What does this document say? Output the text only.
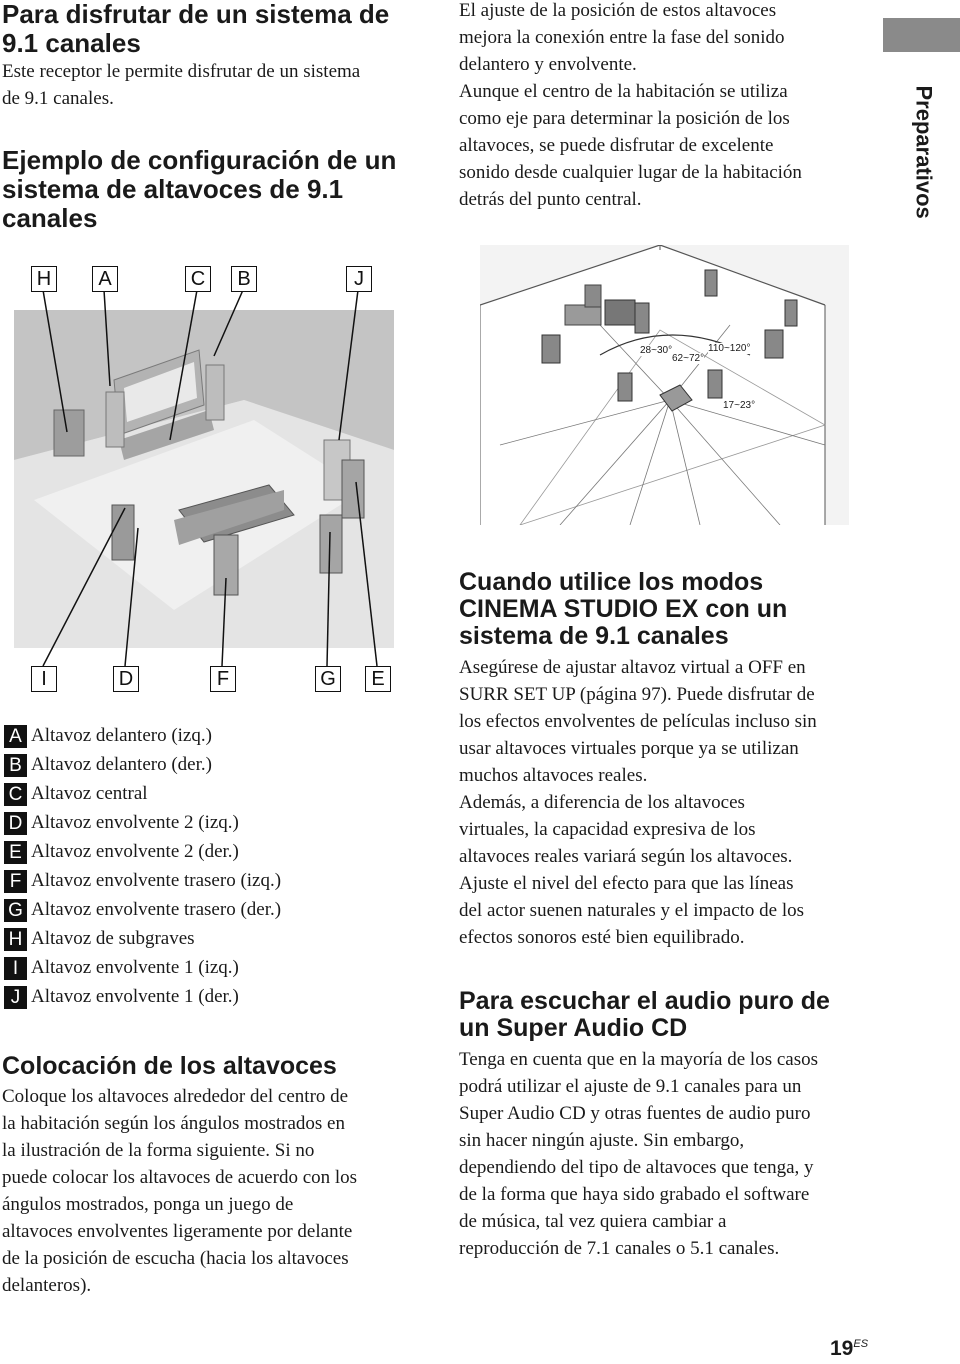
Para disfrutar de un sistema de
9.1 canales
Este receptor le permite disfrutar de un sistema
de 9.1 canales.
Ejemplo de configuración de un
sistema de altavoces de 9.1
canales
El ajuste de la posición de estos altavoces
mejora la conexión entre la fase del sonido
delantero y envolvente.
Aunque el centro de la habitación se utiliza
como eje para determinar la posición de los
altavoces, se puede disfrutar de excelente
sonido desde cualquier lugar de la habitación
detrás del punto central.	Preparativos
H	A	C	B	J
I	D	F	G	E
28~30°
62~72°
110~120°
17~23°
A Altavoz delantero (izq.)
B Altavoz delantero (der.)
C Altavoz central
D Altavoz envolvente 2 (izq.)
E Altavoz envolvente 2 (der.)
F Altavoz envolvente trasero (izq.)
G Altavoz envolvente trasero (der.)
H Altavoz de subgraves
I Altavoz envolvente 1 (izq.)
J Altavoz envolvente 1 (der.)
Colocación de los altavoces
Coloque los altavoces alrededor del centro de
la habitación según los ángulos mostrados en
la ilustración de la forma siguiente. Si no
puede colocar los altavoces de acuerdo con los
ángulos mostrados, ponga un juego de
altavoces envolventes ligeramente por delante
de la posición de escucha (hacia los altavoces
delanteros).
Cuando utilice los modos
CINEMA STUDIO EX con un
sistema de 9.1 canales
Asegúrese de ajustar altavoz virtual a OFF en
SURR SET UP (página 97). Puede disfrutar de
los efectos envolventes de películas incluso sin
usar altavoces virtuales porque ya se utilizan
muchos altavoces reales.
Además, a diferencia de los altavoces
virtuales, la capacidad expresiva de los
altavoces reales variará según los altavoces.
Ajuste el nivel del efecto para que las líneas
del actor suenen naturales y el impacto de los
efectos sonoros esté bien equilibrado.
Para escuchar el audio puro de
un Super Audio CD
Tenga en cuenta que en la mayoría de los casos
podrá utilizar el ajuste de 9.1 canales para un
Super Audio CD y otras fuentes de audio puro
sin hacer ningún ajuste. Sin embargo,
dependiendo del tipo de altavoces que tenga, y
de la forma que haya sido grabado el software
de música, tal vez quiera cambiar a
reproducción de 7.1 canales o 5.1 canales.
$19^{ES}$
